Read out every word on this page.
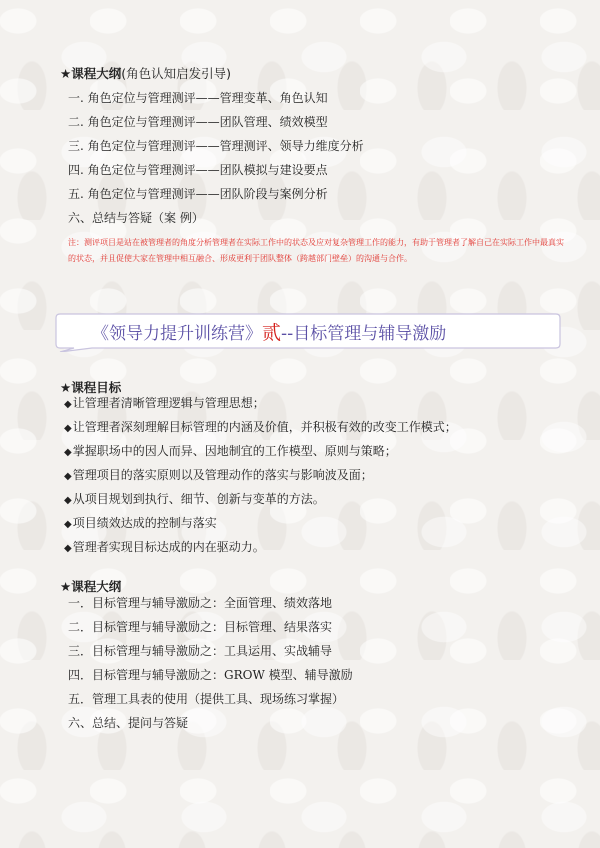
★课程大纲(角色认知启发引导)
一. 角色定位与管理测评——管理变革、角色认知
二. 角色定位与管理测评——团队管理、绩效模型
三. 角色定位与管理测评——管理测评、领导力维度分析
四. 角色定位与管理测评——团队模拟与建设要点
五. 角色定位与管理测评——团队阶段与案例分析
六、总结与答疑（案 例）
注：测评项目是站在被管理者的角度分析管理者在实际工作中的状态及应对复杂管理工作的能力，有助于管理者了解自己在实际工作中最真实的状态，并且促使大家在管理中相互融合、形成更利于团队整体（跨越部门壁垒）的沟通与合作。
《领导力提升训练营》贰--目标管理与辅导激励
★课程目标
◆让管理者清晰管理逻辑与管理思想；
◆让管理者深刻理解目标管理的内涵及价值，并积极有效的改变工作模式；
◆掌握职场中的因人而异、因地制宜的工作模型、原则与策略；
◆管理项目的落实原则以及管理动作的落实与影响波及面；
◆从项目规划到执行、细节、创新与变革的方法。
◆项目绩效达成的控制与落实
◆管理者实现目标达成的内在驱动力。
★课程大纲
一．目标管理与辅导激励之：全面管理、绩效落地
二．目标管理与辅导激励之：目标管理、结果落实
三．目标管理与辅导激励之：工具运用、实战辅导
四．目标管理与辅导激励之：GROW 模型、辅导激励
五．管理工具表的使用（提供工具、现场练习掌握）
六、总结、提问与答疑
